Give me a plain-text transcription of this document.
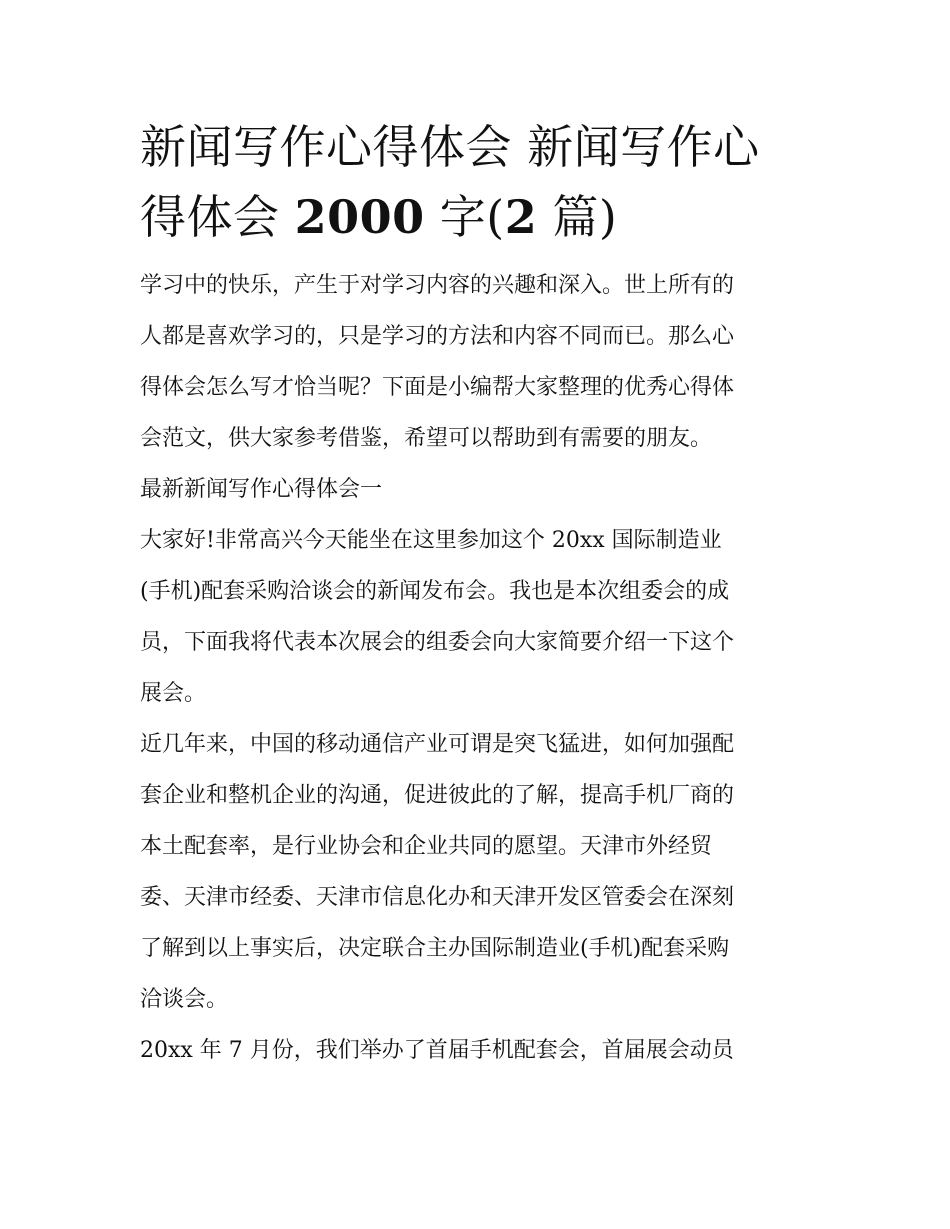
新闻写作心得体会 新闻写作心
得体会 2000 字(2 篇)

学习中的快乐，产生于对学习内容的兴趣和深入。世上所有的
人都是喜欢学习的，只是学习的方法和内容不同而已。那么心
得体会怎么写才恰当呢？下面是小编帮大家整理的优秀心得体
会范文，供大家参考借鉴，希望可以帮助到有需要的朋友。

最新新闻写作心得体会一

大家好!非常高兴今天能坐在这里参加这个 20xx 国际制造业
(手机)配套采购洽谈会的新闻发布会。我也是本次组委会的成
员，下面我将代表本次展会的组委会向大家简要介绍一下这个
展会。

近几年来，中国的移动通信产业可谓是突飞猛进，如何加强配
套企业和整机企业的沟通，促进彼此的了解，提高手机厂商的
本土配套率，是行业协会和企业共同的愿望。天津市外经贸
委、天津市经委、天津市信息化办和天津开发区管委会在深刻
了解到以上事实后，决定联合主办国际制造业(手机)配套采购
洽谈会。

20xx 年 7 月份，我们举办了首届手机配套会，首届展会动员
